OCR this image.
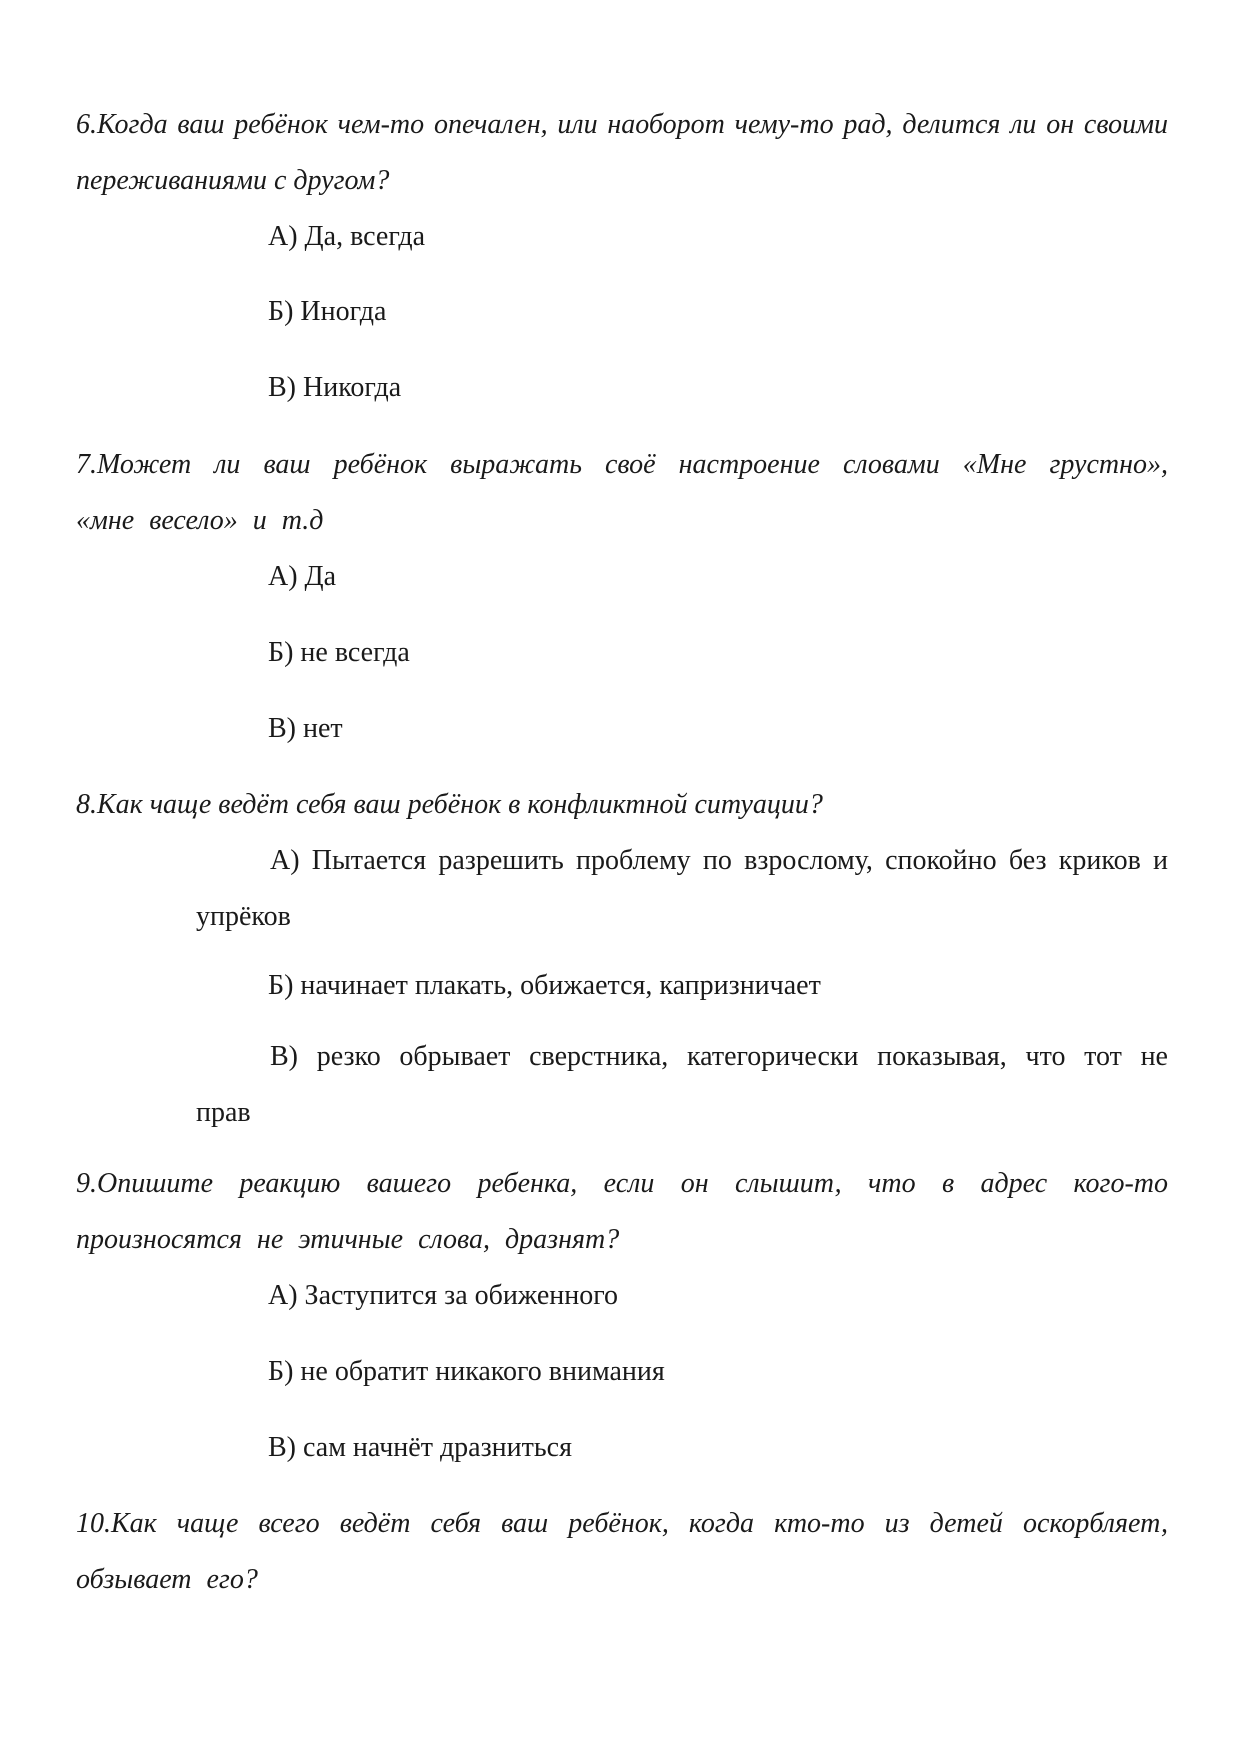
6.Когда ваш ребёнок чем-то опечален, или наоборот чему-то рад, делится ли он своими переживаниями с другом?

А) Да, всегда

Б) Иногда

В) Никогда

7.Может ли ваш ребёнок выражать своё настроение словами «Мне грустно», «мне весело» и т.д

А) Да

Б) не всегда

В) нет

8.Как чаще ведёт себя ваш ребёнок в конфликтной ситуации?

А) Пытается разрешить проблему по взрослому, спокойно без криков и упрёков

Б) начинает плакать, обижается, капризничает

В) резко обрывает сверстника, категорически показывая, что тот не прав

9.Опишите реакцию вашего ребенка, если он слышит, что в адрес кого-то произносятся не этичные слова, дразнят?

А) Заступится за обиженного

Б) не обратит никакого внимания

В) сам начнёт дразниться

10.Как чаще всего ведёт себя ваш ребёнок, когда кто-то из детей оскорбляет, обзывает его?
